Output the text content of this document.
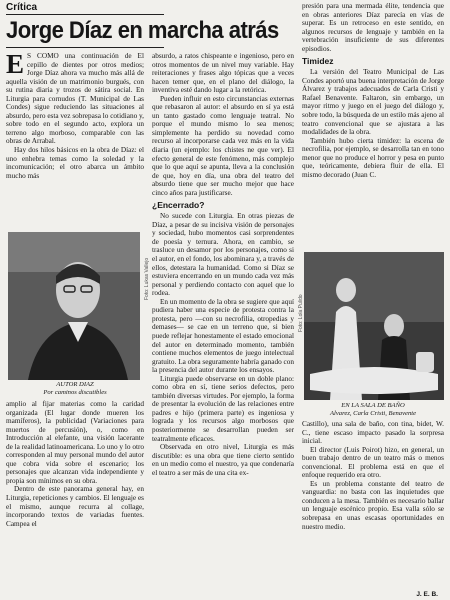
Crítica
Jorge Díaz en marcha atrás

E S COMO una continuación de El cepillo de dientes por otros medios; Jorge Díaz ahora va mucho más allá de aquella visión de un matrimonio burgués, con su rutina diaria y trozos de sátira social. En Liturgia para cornudos (T. Municipal de Las Condes) sigue reduciendo las situaciones al absurdo, pero esta vez sobrepasa lo cotidiano y, sobre todo en el segundo acto, explora un terreno algo morboso, comparable con las obras de Arrabal.

Hay dos hilos básicos en la obra de Díaz: el uno enhebra temas como la soledad y la incomunicación; el otro abarca un ámbito mucho más

Foto: Lukas Vallejo
AUTOR DIAZ
Por caminos discutibles

amplio al fijar materias como la caridad organizada (El lugar donde mueren los mamíferos), la publicidad (Variaciones para muertos de percusión), o, como en Introducción al elefante, una visión lacerante de la realidad latinoamericana. Lo uno y lo otro corresponden al muy personal mundo del autor que cobra vida sobre el escenario; los personajes que alcanzan vida independiente y propia son mínimos en su obra.

Dentro de este panorama general hay, en Liturgia, repeticiones y cambios. El lenguaje es el mismo, aunque recurra al collage, incorporando textos de variadas fuentes. Campea el

absurdo, a ratos chispeante e ingenioso, pero en otros momentos de un nivel muy variable. Hay reiteraciones y frases algo tópicas que a veces hacen temer que, en el plano del diálogo, la inventiva esté dando lugar a la retórica.

Pueden influir en esto circunstancias externas que rebasaron al autor: el absurdo en sí ya está un tanto gastado como lenguaje teatral. No porque el mundo mismo lo sea menos; simplemente ha perdido su novedad como recurso al incorporarse cada vez más en la vida diaria (un ejemplo: los chistes ne que ver). El efecto general de este fenómeno, más complejo que lo que aquí se apunta, lleva a la conclusión de que, hoy en día, una obra del teatro del absurdo tiene que ser mucho mejor que hace cinco años para justificarse.

¿Encerrado?

No sucede con Liturgia. En otras piezas de Díaz, a pesar de su incisiva visión de personajes y sociedad, hubo momentos casi sorprendentes de poesía y ternura. Ahora, en cambio, se trasluce un desamor por los personajes, como si el autor, en el fondo, los abominara y, a través de ellos, detestara la humanidad. Como si Díaz se estuviera encerrando en un mundo cada vez más personal y perdiendo contacto con aquel que lo rodea.

En un momento de la obra se sugiere que aquí pudiera haber una especie de protesta contra la protesta, pero —con su necrofilia, otropedias y demases— se cae en un terreno que, si bien puede reflejar honestamente el estado emocional del autor en determinado momento, también contiene muchos elementos de juego intelectual gratuito. La obra seguramente habría ganado con la presencia del autor durante los ensayos.

Liturgia puede observarse en un doble plano: como obra en sí, tiene serios defectos, pero también diversas virtudes. Por ejemplo, la forma de presentar la evolución de las relaciones entre padres e hijo (primera parte) es ingeniosa y lograda y los recursos algo morbosos que posteriormente se desarrollan pueden ser teatralmente eficaces.

Observada en otro nivel, Liturgia es más discutible: es una obra que tiene cierto sentido en un medio como el nuestro, ya que condenaría el teatro a ser más de una cita ex-

presión para una mermada élite, tendencia que en obras anteriores Díaz parecía en vías de superar. Es un retroceso en este sentido, en algunos recursos de lenguaje y también en la vertebración insuficiente de sus diferentes episodios.

Timidez

La versión del Teatro Municipal de Las Condes aportó una buena interpretación de Jorge Álvarez y trabajos adecuados de Carla Cristi y Rafael Benavente. Faltaron, sin embargo, un mayor ritmo y juego en el juego del diálogo y, sobre todo, la búsqueda de un estilo más ajeno al teatro convencional que se ajustara a las modalidades de la obra.

También hubo cierta timidez: la escena de necrofilia, por ejemplo, se desarrolla tan en tono menor que no produce el horror y pesa en punto que, teóricamente, debiera fluir de ella. El mismo decorado (Juan C.

Foto: Lola Pulido
EN LA SALA DE BAÑO
Alvarez, Carla Cristi, Benavente

Castillo), una sala de baño, con tina, bidet, W. C., tiene escaso impacto pasado la sorpresa inicial.

El director (Luis Poirot) hizo, en general, un buen trabajo dentro de un teatro más o menos convencional. El problema está en que el enfoque requerido era otro.

Es un problema constante del teatro de vanguardia: no basta con las inquietudes que conducen a la mesa. También es necesario ballar un lenguaje escénico propio. Esa valla sólo se sobrepasa en unas escasas oportunidades en nuestro medio.

J. E. B.
